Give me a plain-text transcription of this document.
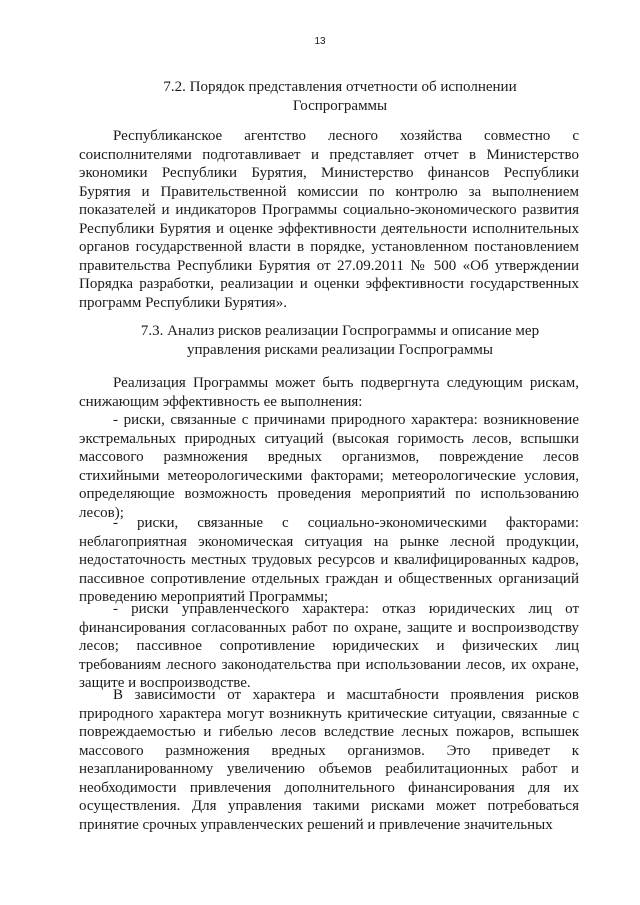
13
7.2. Порядок представления отчетности об исполнении
Госпрограммы

Республиканское агентство лесного хозяйства совместно с соисполнителями подготавливает и представляет отчет в Министерство экономики Республики Бурятия, Министерство финансов Республики Бурятия и Правительственной комиссии по контролю за выполнением показателей и индикаторов Программы социально-экономического развития Республики Бурятия и оценке эффективности деятельности исполнительных органов государственной власти в порядке, установленном постановлением правительства Республики Бурятия от 27.09.2011 № 500 «Об утверждении Порядка разработки, реализации и оценки эффективности государственных программ Республики Бурятия».

7.3. Анализ рисков реализации Госпрограммы и описание мер
управления рисками реализации Госпрограммы

Реализация Программы может быть подвергнута следующим рискам, снижающим эффективность ее выполнения:

- риски, связанные с причинами природного характера: возникновение экстремальных природных ситуаций (высокая горимость лесов, вспышки массового размножения вредных организмов, повреждение лесов стихийными метеорологическими факторами; метеорологические условия, определяющие возможность проведения мероприятий по использованию лесов);

- риски, связанные с социально-экономическими факторами: неблагоприятная экономическая ситуация на рынке лесной продукции, недостаточность местных трудовых ресурсов и квалифицированных кадров, пассивное сопротивление отдельных граждан и общественных организаций проведению мероприятий Программы;

- риски управленческого характера: отказ юридических лиц от финансирования согласованных работ по охране, защите и воспроизводству лесов; пассивное сопротивление юридических и физических лиц требованиям лесного законодательства при использовании лесов, их охране, защите и воспроизводстве.

В зависимости от характера и масштабности проявления рисков природного характера могут возникнуть критические ситуации, связанные с повреждаемостью и гибелью лесов вследствие лесных пожаров, вспышек массового размножения вредных организмов. Это приведет к незапланированному увеличению объемов реабилитационных работ и необходимости привлечения дополнительного финансирования для их осуществления. Для управления такими рисками может потребоваться принятие срочных управленческих решений и привлечение значительных
